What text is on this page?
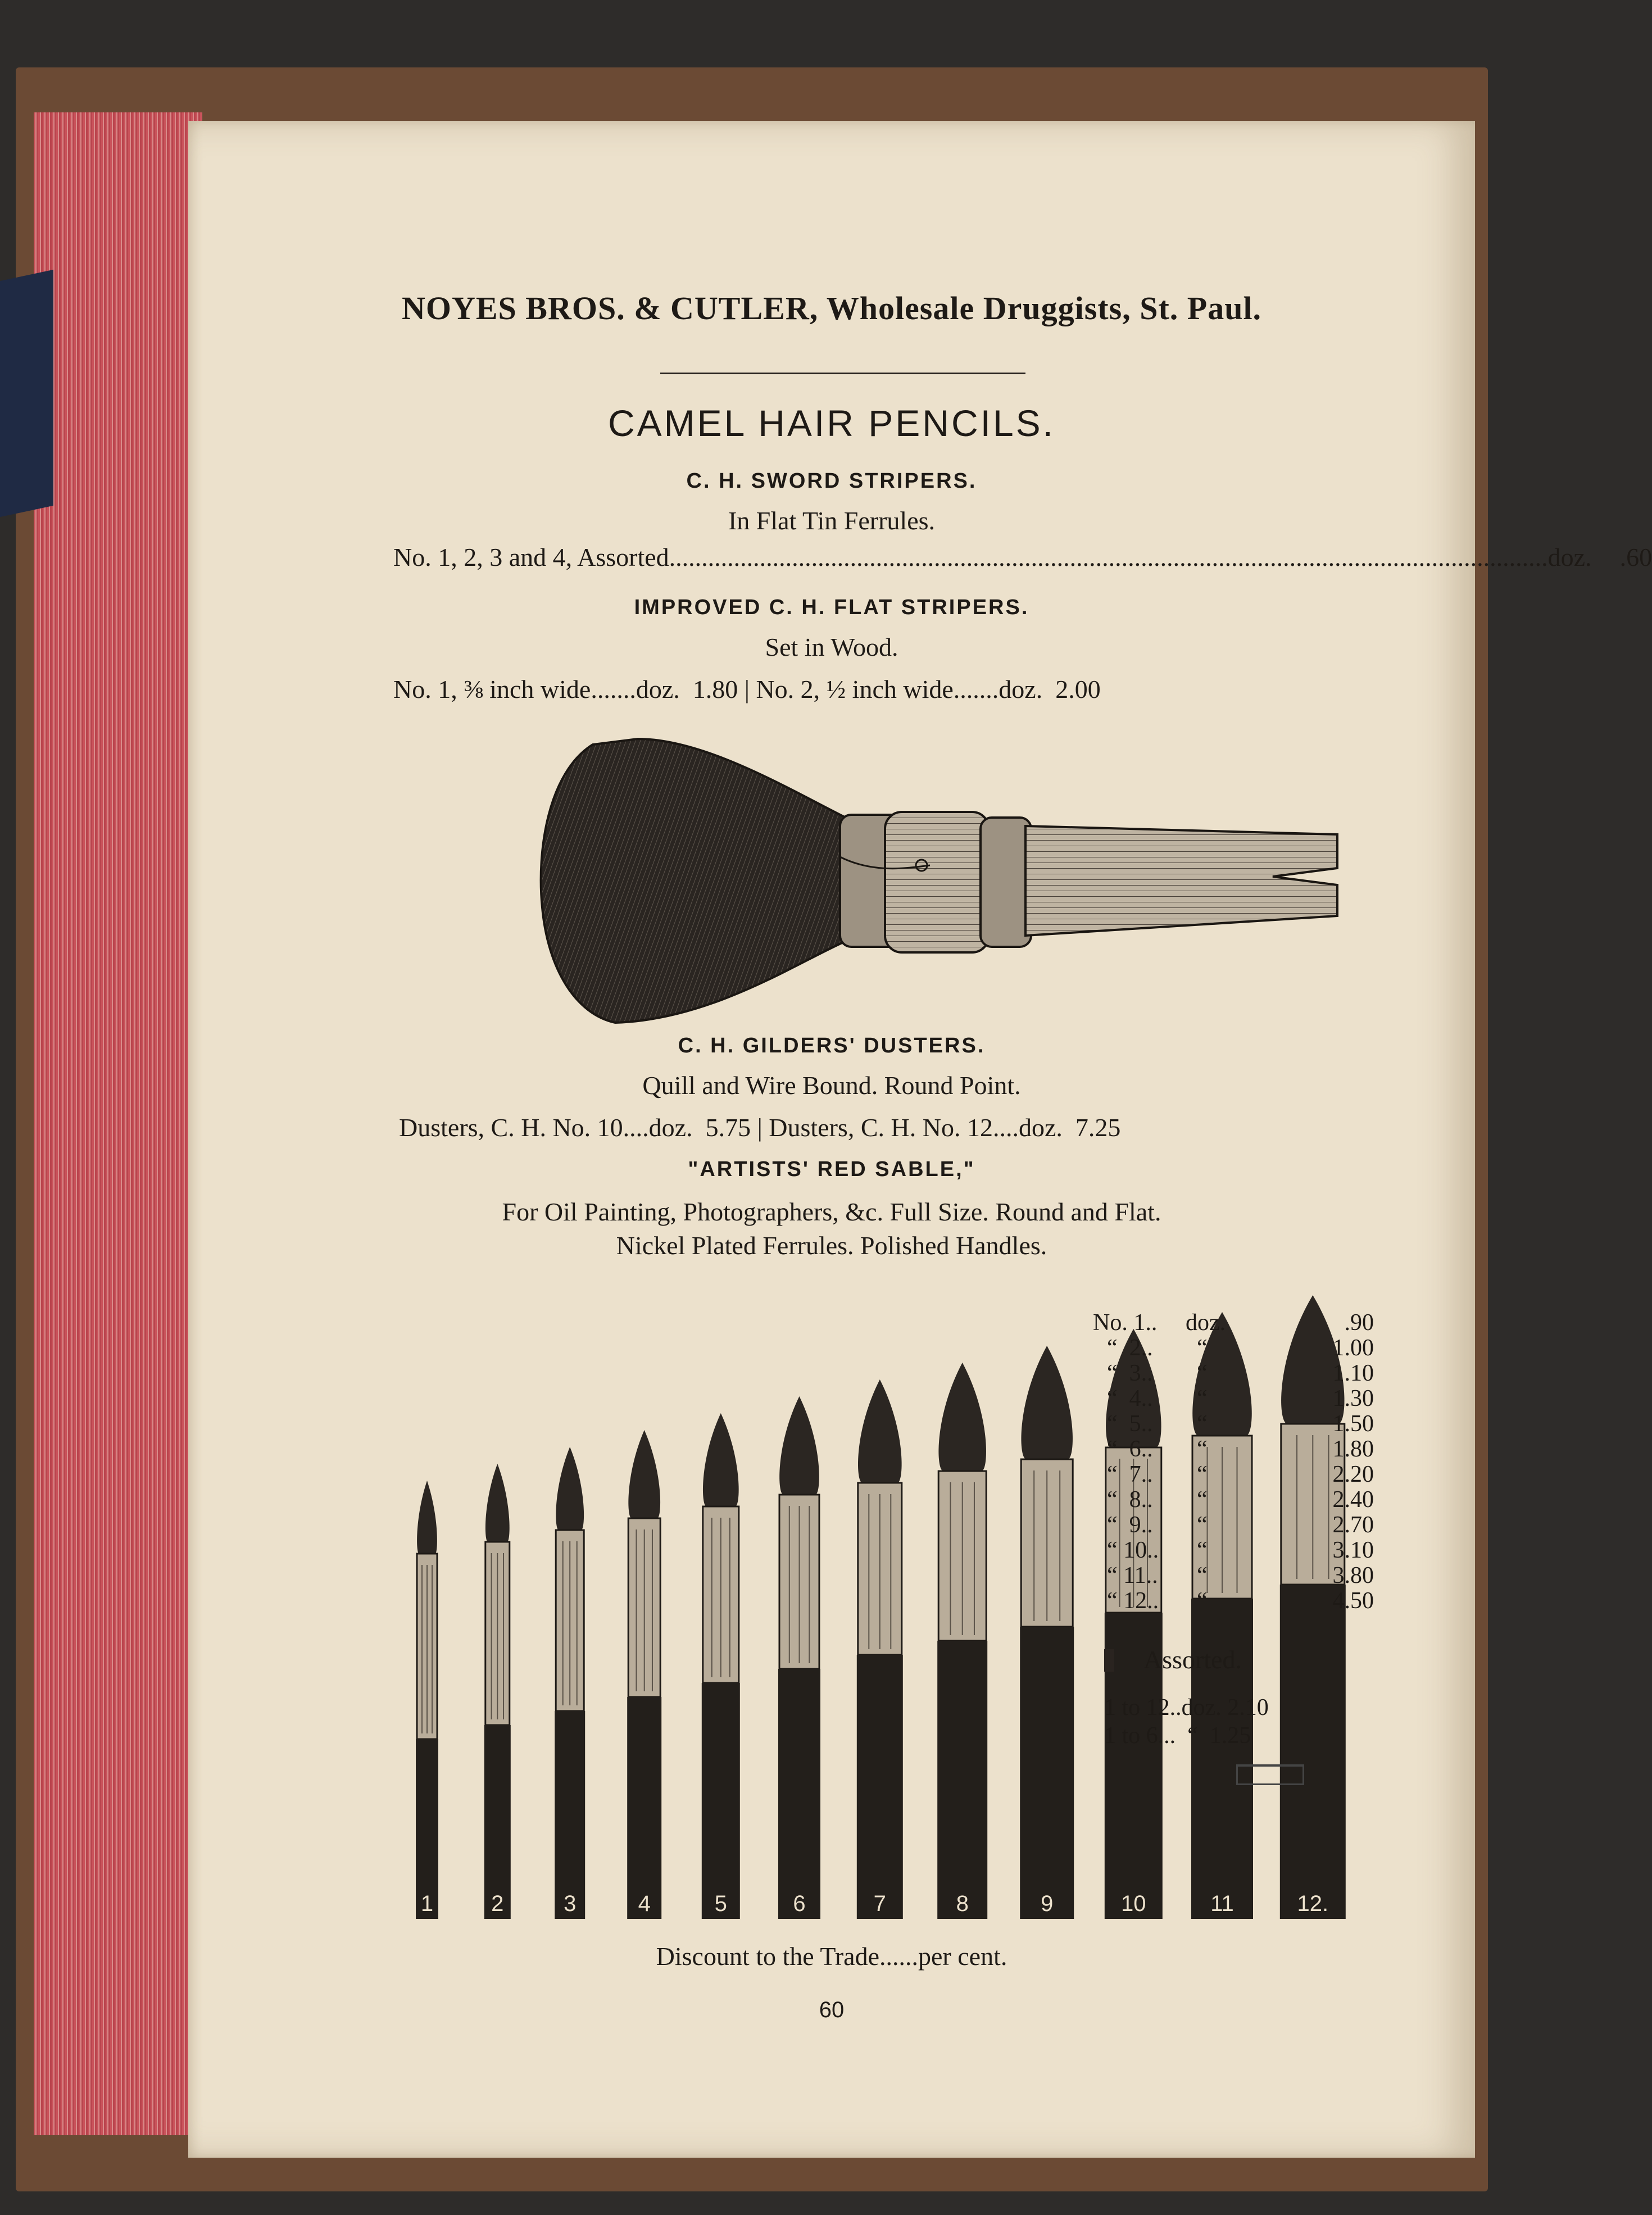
NOYES BROS. & CUTLER, Wholesale Druggists, St. Paul.
CAMEL HAIR PENCILS.
C. H. SWORD STRIPERS.
In Flat Tin Ferrules.
No. 1, 2, 3 and 4, Assorted ........................................................................................................................................ doz. .60
IMPROVED C. H. FLAT STRIPERS.
Set in Wood.
No. 1, ⅜ inch wide.......doz.  1.80 | No. 2, ½ inch wide.......doz.  2.00
C. H. GILDERS' DUSTERS.
Quill and Wire Bound. Round Point.
Dusters, C. H. No. 10....doz.  5.75 | Dusters, C. H. No. 12....doz.  7.25
"ARTISTS' RED SABLE,"
For Oil Painting, Photographers, &c. Full Size. Round and Flat.
Nickel Plated Ferrules. Polished Handles.
1	2	3	4	5	6	7	8	9	10	11	12.
No. 1.. doz.	.90
“  2.. “	1.00
“  3.. “	1.10
“  4.. “	1.30
“  5.. “	1.50
“  6.. “	1.80
“  7.. “	2.20
“  8.. “	2.40
“  9.. “	2.70
“ 10.. “	3.10
“ 11.. “	3.80
“ 12.. “	4.50
Assorted.
1 to 12..doz. 2.10
1 to 6...  “  1.25
Discount to the Trade......per cent.
60
